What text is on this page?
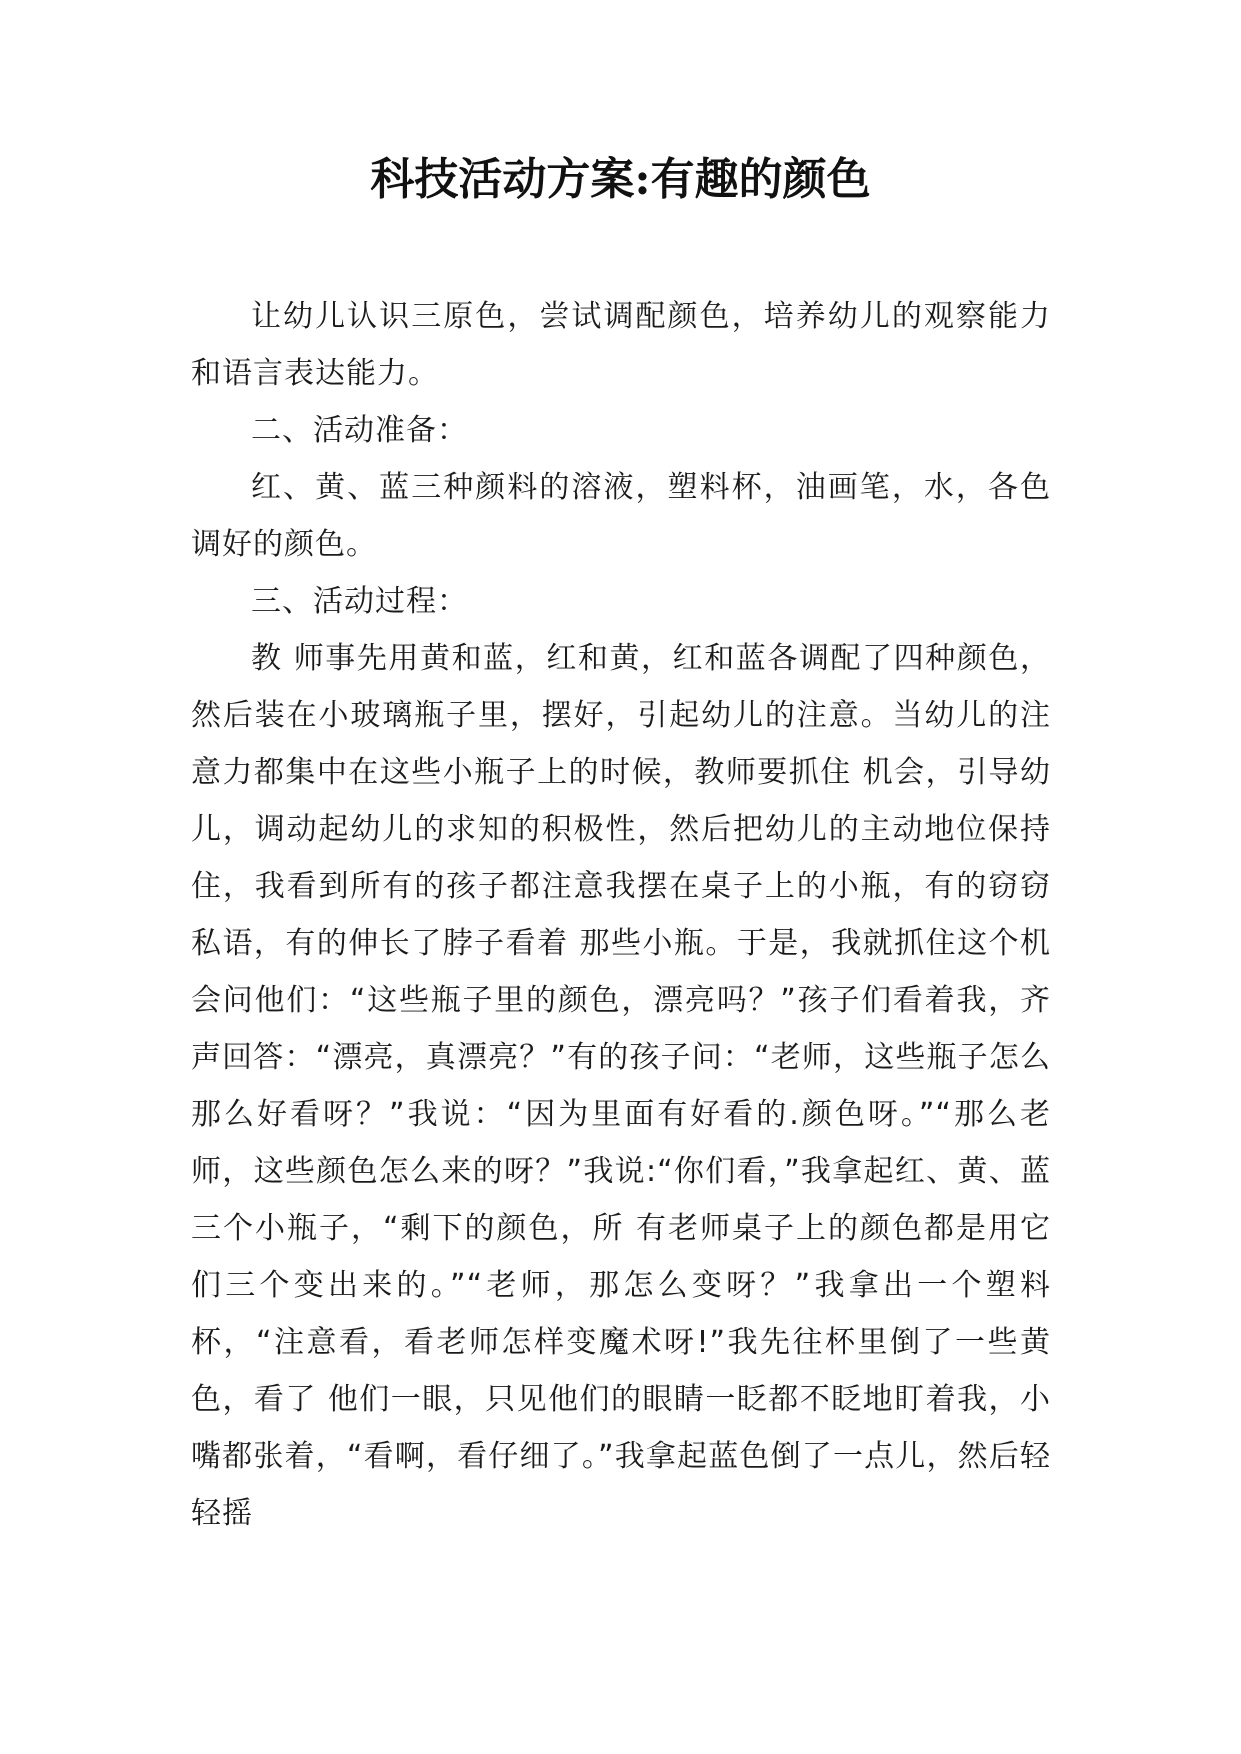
科技活动方案:有趣的颜色

让幼儿认识三原色，尝试调配颜色，培养幼儿的观察能力和语言表达能力。

二、活动准备：

红、黄、蓝三种颜料的溶液，塑料杯，油画笔，水，各色调好的颜色。

三、活动过程：

教 师事先用黄和蓝，红和黄，红和蓝各调配了四种颜色，然后装在小玻璃瓶子里，摆好，引起幼儿的注意。当幼儿的注意力都集中在这些小瓶子上的时候，教师要抓住 机会，引导幼儿，调动起幼儿的求知的积极性，然后把幼儿的主动地位保持住，我看到所有的孩子都注意我摆在桌子上的小瓶，有的窃窃私语，有的伸长了脖子看着 那些小瓶。于是，我就抓住这个机会问他们：“这些瓶子里的颜色，漂亮吗？”孩子们看着我，齐声回答：“漂亮，真漂亮？”有的孩子问：“老师，这些瓶子怎么 那么好看呀？”我说：“因为里面有好看的.颜色呀。”“那么老师，这些颜色怎么来的呀？”我说:“你们看，”我拿起红、黄、蓝三个小瓶子，“剩下的颜色，所 有老师桌子上的颜色都是用它们三个变出来的。”“老师，那怎么变呀？”我拿出一个塑料杯，“注意看，看老师怎样变魔术呀!”我先往杯里倒了一些黄色，看了 他们一眼，只见他们的眼睛一眨都不眨地盯着我，小嘴都张着，“看啊，看仔细了。”我拿起蓝色倒了一点儿，然后轻轻摇
